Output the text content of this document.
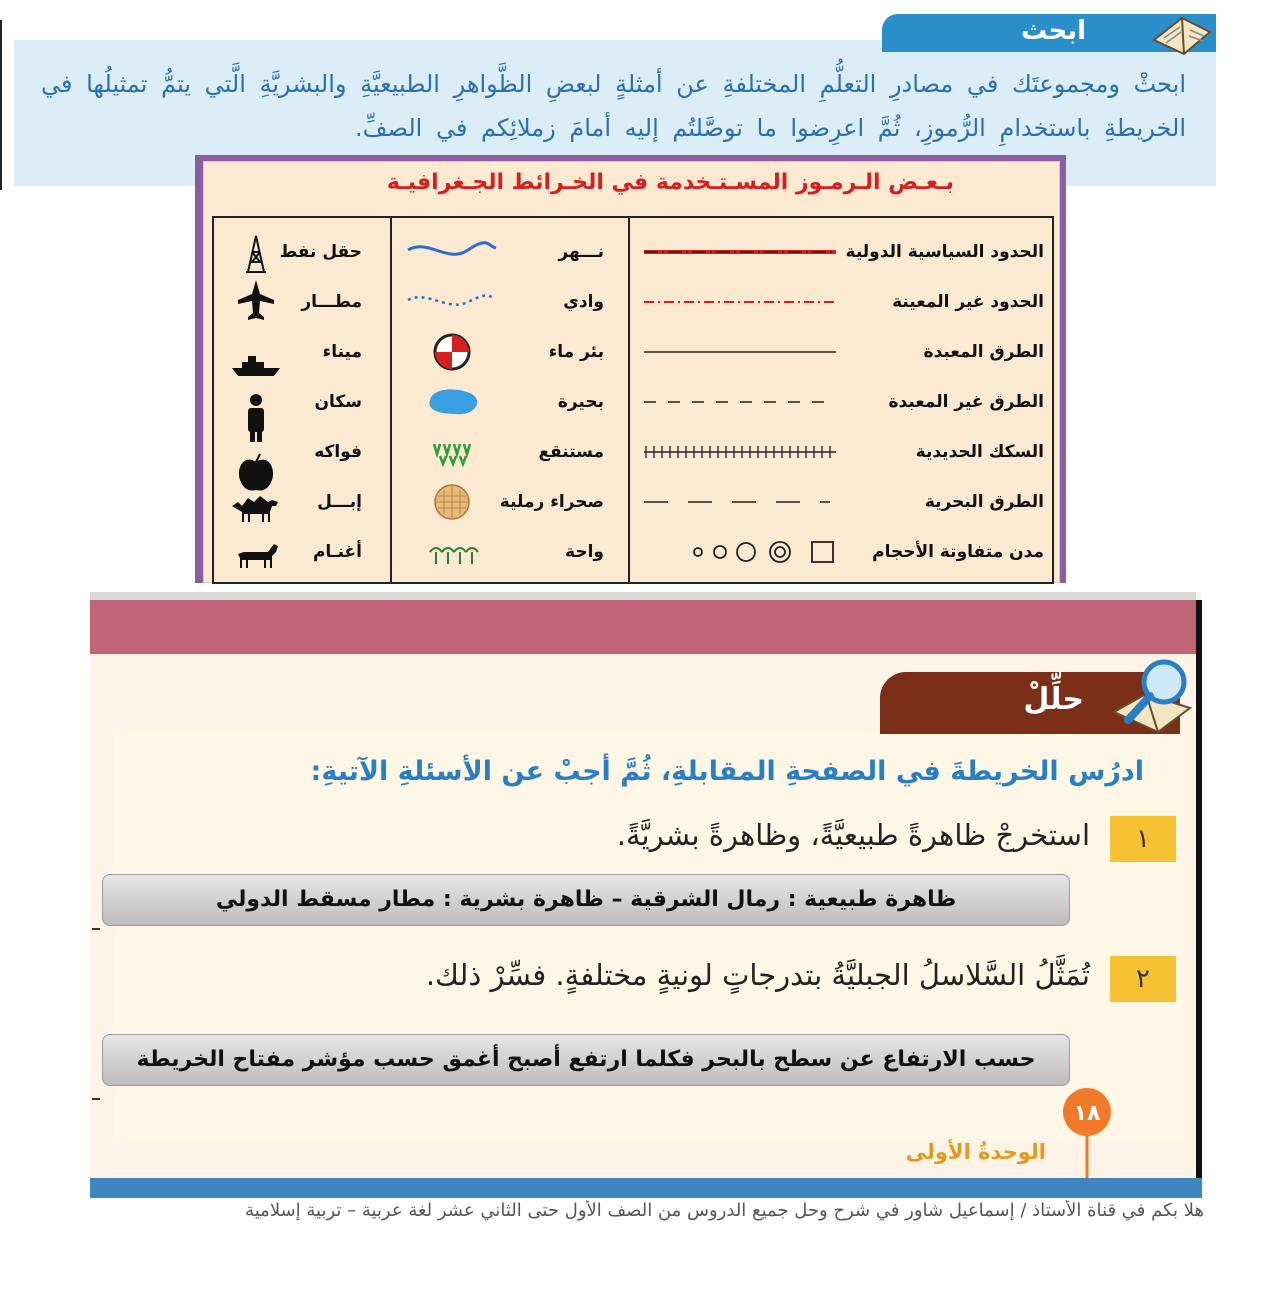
ابحثْ ومجموعتَك في مصادرِ التعلُّمِ المختلفةِ عن أمثلةٍ لبعضِ الظَّواهرِ الطبيعيَّةِ والبشريَّةِ الَّتي يتمُّ تمثيلُها في الخريطةِ باستخدامِ الرُّموزِ، ثُمَّ اعرِضوا ما توصَّلتُم إليه أمامَ زملائِكم في الصفِّ.
ابحث
بـعـض الـرمـوز المسـتـخدمة في الخـرائط الجـغرافيـة
الحدود السياسية الدولية
الحدود غير المعينة
الطرق المعبدة
الطرق غير المعبدة
السكك الحديدية
الطرق البحرية
مدن متفاوتة الأحجام
نـــهر
وادي
بئر ماء
بحيرة
مستنقع
صحراء رملية
واحة
حقل نفط
مطـــار
ميناء
سكان
فواكه
إبـــل
أغنـام
حلِّلْ
ادرُس الخريطةَ في الصفحةِ المقابلةِ، ثُمَّ أجبْ عن الأسئلةِ الآتيةِ:
١
استخرجْ ظاهرةً طبيعيَّةً، وظاهرةً بشريَّةً.
ظاهرة طبيعية : رمال الشرقية – ظاهرة بشرية : مطار مسقط الدولي
٢
تُمَثَّلُ السَّلاسلُ الجبليَّةُ بتدرجاتٍ لونيةٍ مختلفةٍ. فسِّرْ ذلك.
حسب الارتفاع عن سطح بالبحر فكلما ارتفع أصبح أغمق حسب مؤشر مفتاح الخريطة
١٨
الوحدةُ الأولى
هلا بكم في قناة الأستاذ / إسماعيل شاور في شرح وحل جميع الدروس من الصف الأول حتى الثاني عشر لغة عربية – تربية إسلامية
